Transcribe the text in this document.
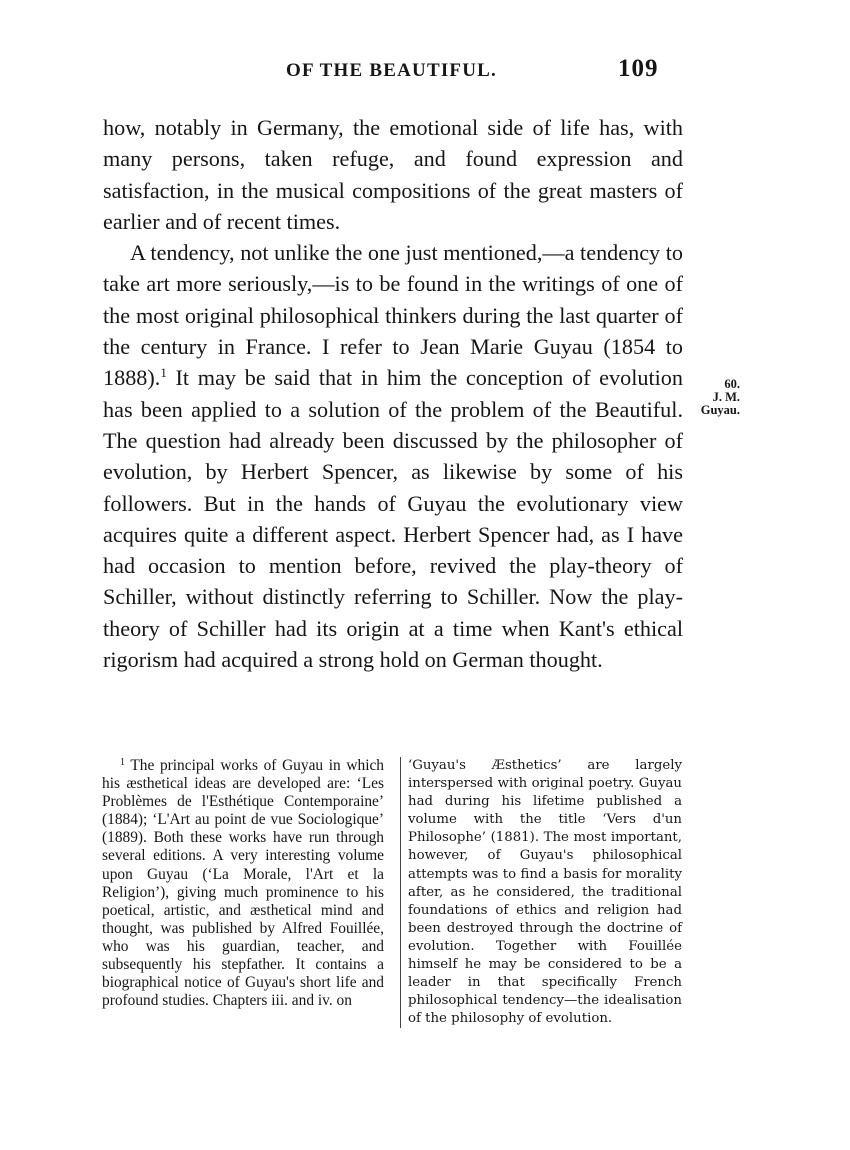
OF THE BEAUTIFUL.	109

how, notably in Germany, the emotional side of life has, with many persons, taken refuge, and found expression and satisfaction, in the musical compositions of the great masters of earlier and of recent times.

A tendency, not unlike the one just mentioned,—a tendency to take art more seriously,—is to be found in the writings of one of the most original philosophical thinkers during the last quarter of the century in France. I refer to Jean Marie Guyau (1854 to 1888).$^1$ It may be said that in him the conception of evolution has been applied to a solution of the problem of the Beautiful. The question had already been discussed by the philosopher of evolution, by Herbert Spencer, as likewise by some of his followers. But in the hands of Guyau the evolutionary view acquires quite a different aspect. Herbert Spencer had, as I have had occasion to mention before, revived the play-theory of Schiller, without distinctly referring to Schiller. Now the play-theory of Schiller had its origin at a time when Kant's ethical rigorism had acquired a strong hold on German thought.

60.
J. M.
Guyau.

$^1$ The principal works of Guyau in which his æsthetical ideas are developed are: ‘Les Problèmes de l'Esthétique Contemporaine’ (1884); ‘L'Art au point de vue Sociologique’ (1889). Both these works have run through several editions. A very interesting volume upon Guyau (‘La Morale, l'Art et la Religion’), giving much prominence to his poetical, artistic, and æsthetical mind and thought, was published by Alfred Fouillée, who was his guardian, teacher, and subsequently his stepfather. It contains a biographical notice of Guyau's short life and profound studies. Chapters iii. and iv. on

‘Guyau's Æsthetics’ are largely interspersed with original poetry. Guyau had during his lifetime published a volume with the title ‘Vers d'un Philosophe’ (1881). The most important, however, of Guyau's philosophical attempts was to find a basis for morality after, as he considered, the traditional foundations of ethics and religion had been destroyed through the doctrine of evolution. Together with Fouillée himself he may be considered to be a leader in that specifically French philosophical tendency—the idealisation of the philosophy of evolution.
